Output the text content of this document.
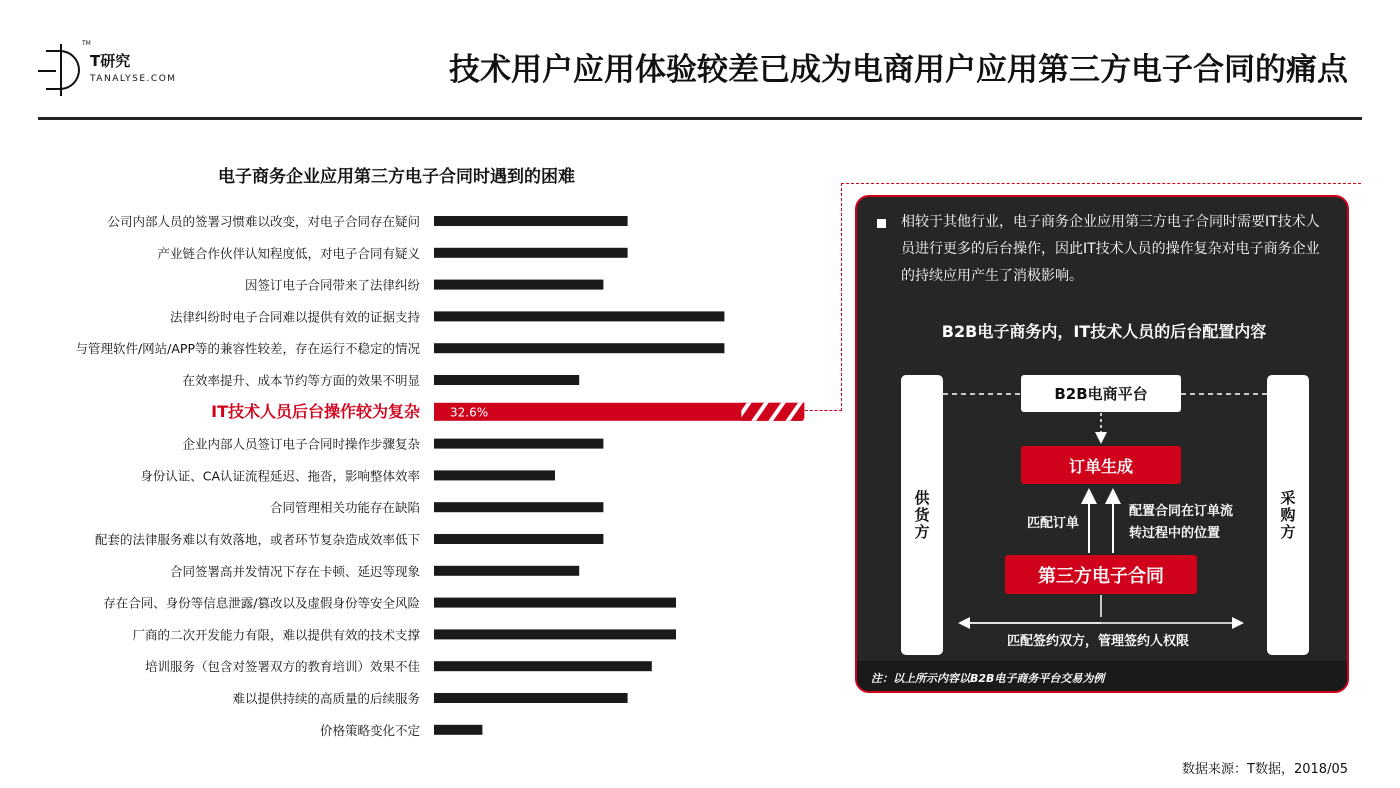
TM
T研究
TANALYSE.COM	技术用户应用体验较差已成为电商用户应用第三方电子合同的痛点
电子商务企业应用第三方电子合同时遇到的困难
公司内部人员的签署习惯难以改变，对电子合同存在疑问
产业链合作伙伴认知程度低，对电子合同有疑义
因签订电子合同带来了法律纠纷
法律纠纷时电子合同难以提供有效的证据支持
与管理软件/网站/APP等的兼容性较差，存在运行不稳定的情况
在效率提升、成本节约等方面的效果不明显
IT技术人员后台操作较为复杂	32.6%
企业内部人员签订电子合同时操作步骤复杂
身份认证、CA认证流程延迟、拖沓，影响整体效率
合同管理相关功能存在缺陷
配套的法律服务难以有效落地，或者环节复杂造成效率低下
合同签署高并发情况下存在卡顿、延迟等现象
存在合同、身份等信息泄露/篡改以及虚假身份等安全风险
厂商的二次开发能力有限，难以提供有效的技术支撑
培训服务（包含对签署双方的教育培训）效果不佳
难以提供持续的高质量的后续服务
价格策略变化不定
相较于其他行业，电子商务企业应用第三方电子合同时需要IT技术人员进行更多的后台操作，因此IT技术人员的操作复杂对电子商务企业的持续应用产生了消极影响。
B2B电子商务内，IT技术人员的后台配置内容
供货方	采购方
B2B电商平台
订单生成
第三方电子合同
匹配订单
配置合同在订单流
转过程中的位置
匹配签约双方，管理签约人权限
注：以上所示内容以B2B电子商务平台交易为例
数据来源：T数据，2018/05
